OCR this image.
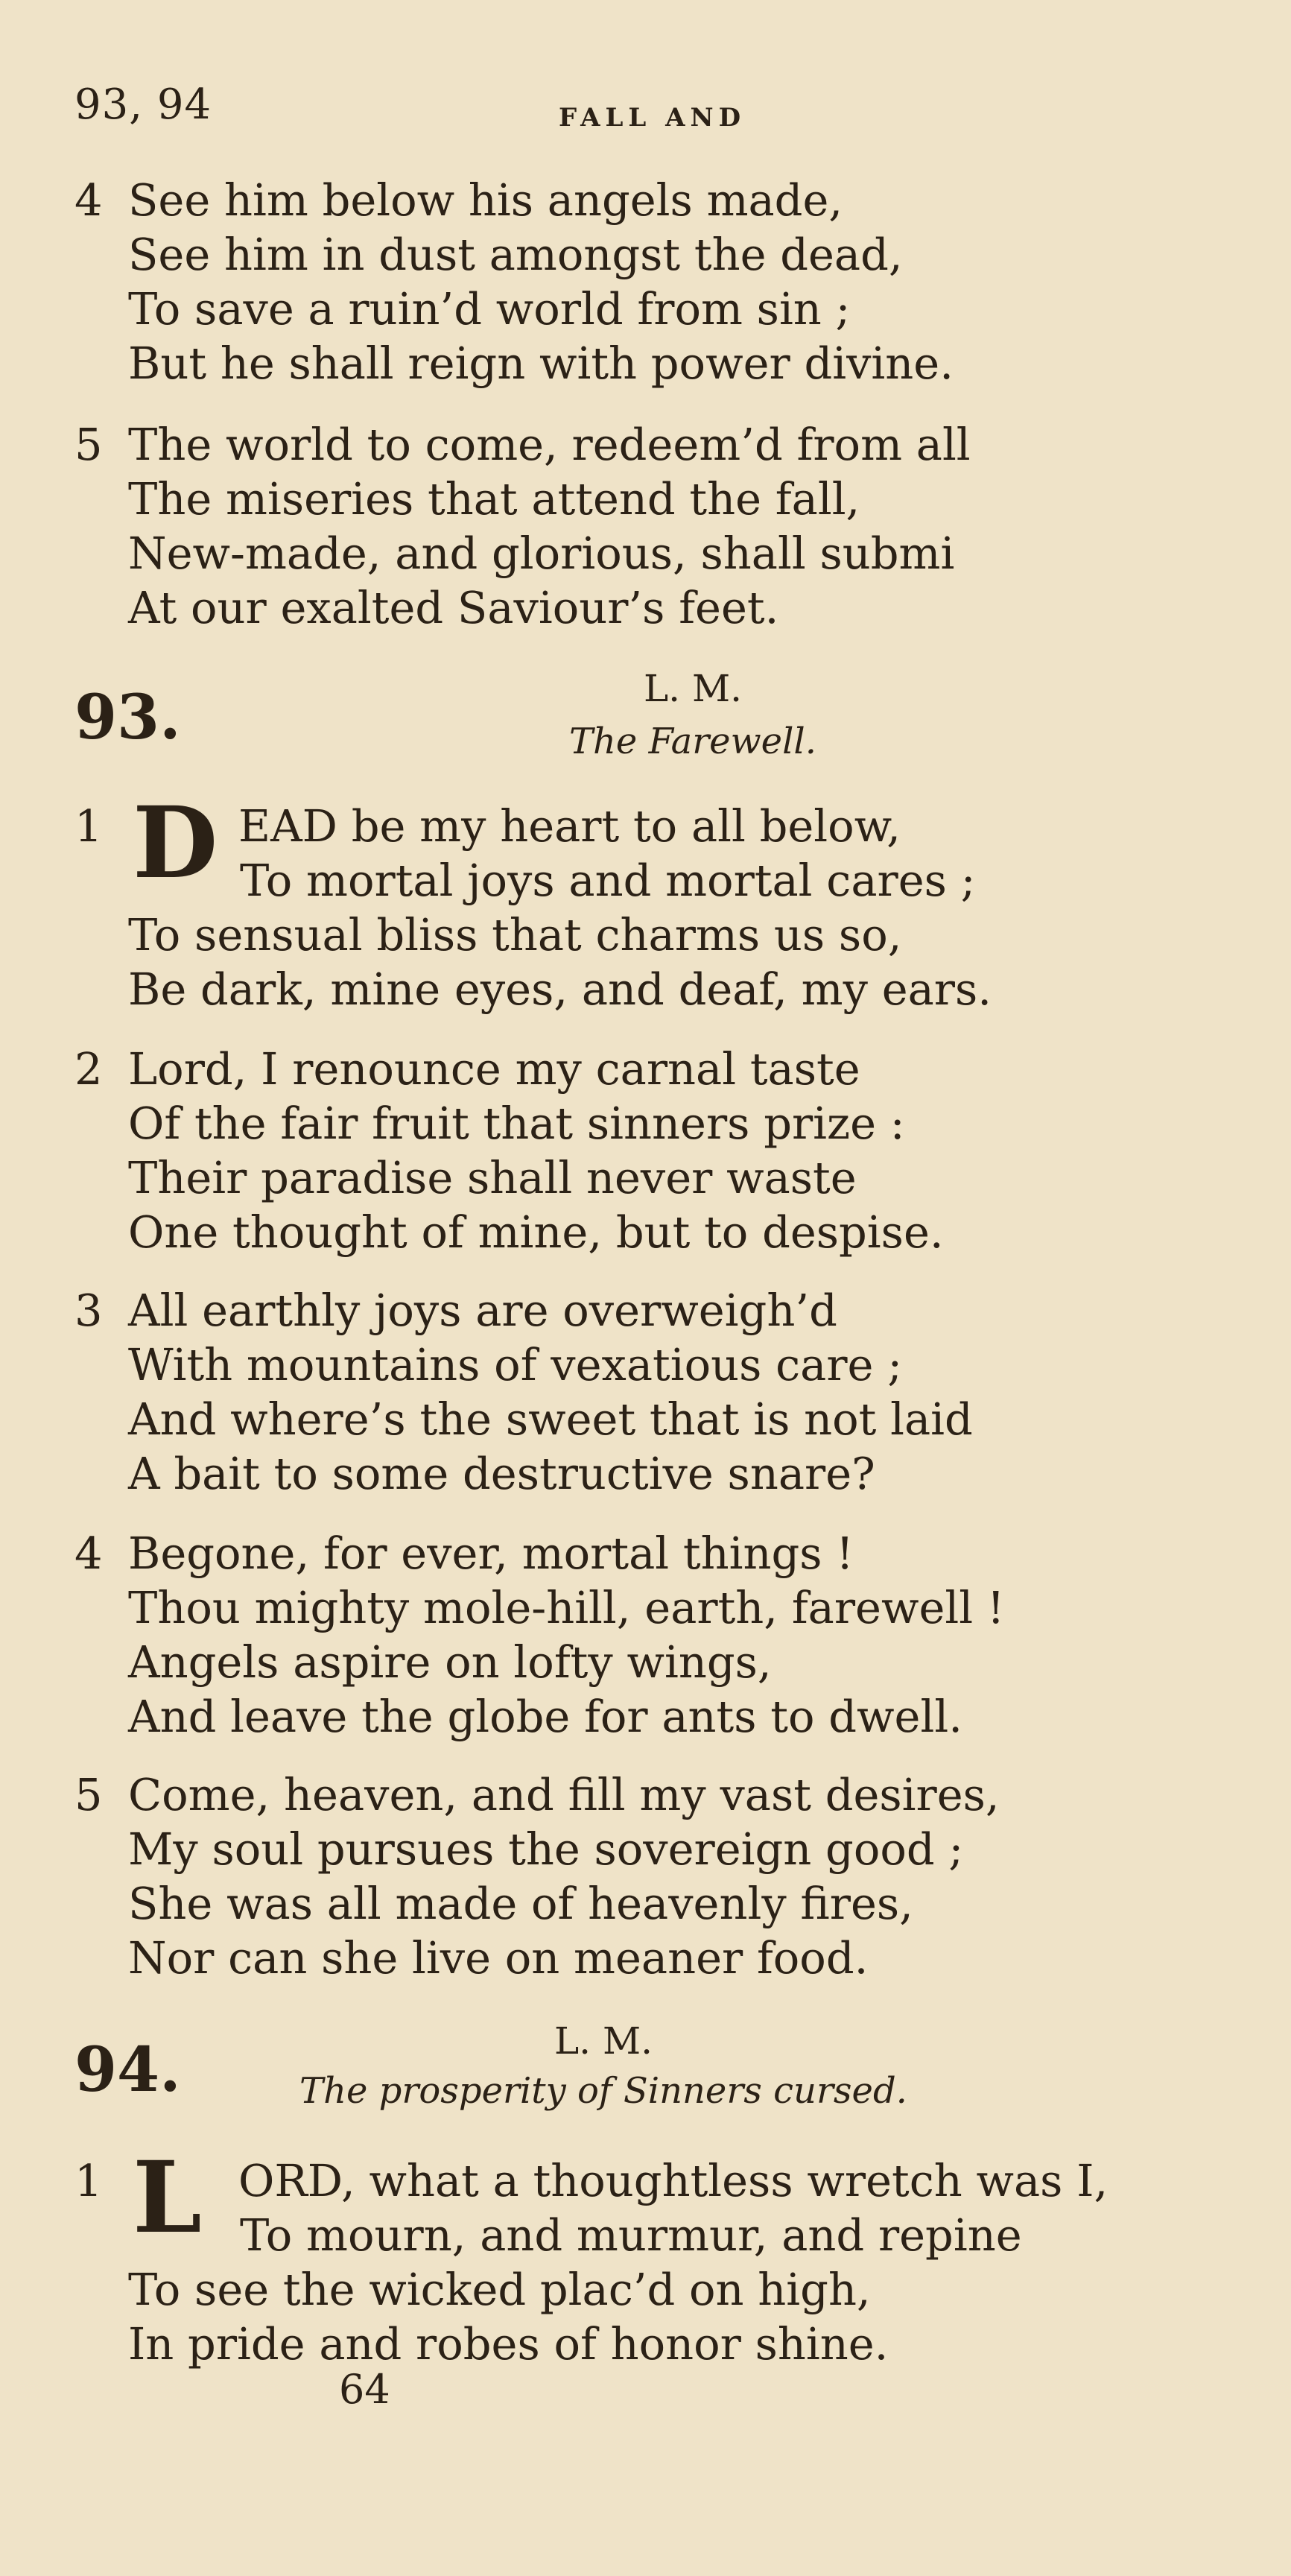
93, 94	FALL AND
4 See him below his angels made,
See him in dust amongst the dead,
To save a ruin’d world from sin ;
But he shall reign with power divine.
5 The world to come, redeem’d from all
The miseries that attend the fall,
New-made, and glorious, shall submi
At our exalted Saviour’s feet.
93.	L. M.
The Farewell.
1 D EAD be my heart to all below,
To mortal joys and mortal cares ;
To sensual bliss that charms us so,
Be dark, mine eyes, and deaf, my ears.
2 Lord, I renounce my carnal taste
Of the fair fruit that sinners prize :
Their paradise shall never waste
One thought of mine, but to despise.
3 All earthly joys are overweigh’d
With mountains of vexatious care ;
And where’s the sweet that is not laid
A bait to some destructive snare?
4 Begone, for ever, mortal things !
Thou mighty mole-hill, earth, farewell !
Angels aspire on lofty wings,
And leave the globe for ants to dwell.
5 Come, heaven, and fill my vast desires,
My soul pursues the sovereign good ;
She was all made of heavenly fires,
Nor can she live on meaner food.
94.	L. M.
The prosperity of Sinners cursed.
1 L ORD, what a thoughtless wretch was I,
To mourn, and murmur, and repine
To see the wicked plac’d on high,
In pride and robes of honor shine.
64
